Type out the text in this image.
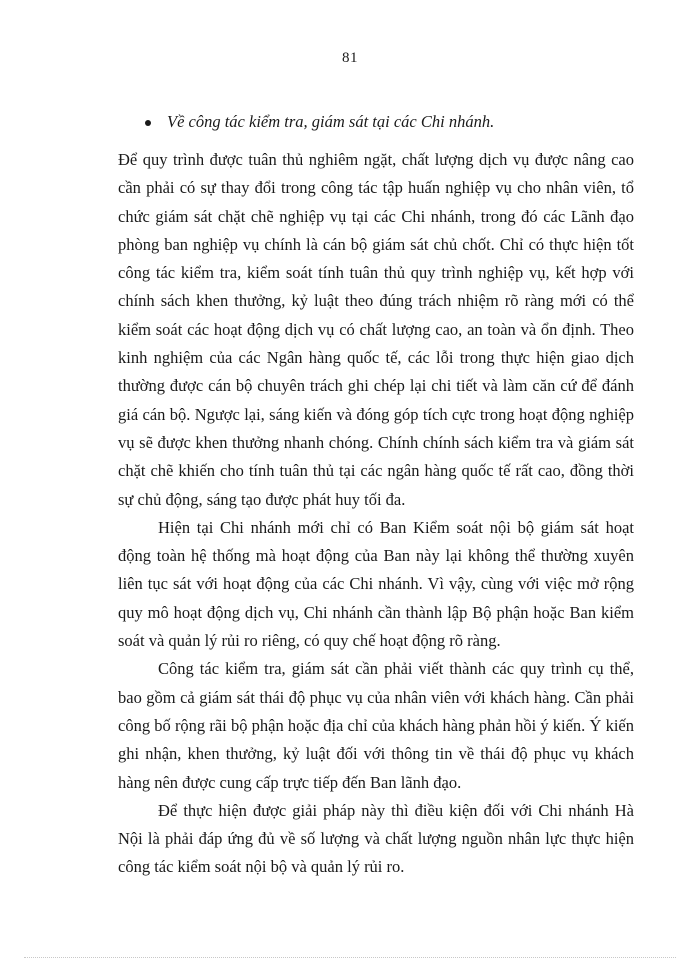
81
Về công tác kiểm tra, giám sát tại các Chi nhánh.

Để quy trình được tuân thủ nghiêm ngặt, chất lượng dịch vụ được nâng cao cần phải có sự thay đổi trong công tác tập huấn nghiệp vụ cho nhân viên, tổ chức giám sát chặt chẽ nghiệp vụ tại các Chi nhánh, trong đó các Lãnh đạo phòng ban nghiệp vụ chính là cán bộ giám sát chủ chốt. Chỉ có thực hiện tốt công tác kiểm tra, kiểm soát tính tuân thủ quy trình nghiệp vụ, kết hợp với chính sách khen thưởng, kỷ luật theo đúng trách nhiệm rõ ràng mới có thể kiểm soát các hoạt động dịch vụ có chất lượng cao, an toàn và ổn định. Theo kinh nghiệm của các Ngân hàng quốc tế, các lỗi trong thực hiện giao dịch thường được cán bộ chuyên trách ghi chép lại chi tiết và làm căn cứ để đánh giá cán bộ. Ngược lại, sáng kiến và đóng góp tích cực trong hoạt động nghiệp vụ sẽ được khen thưởng nhanh chóng. Chính chính sách kiểm tra và giám sát chặt chẽ khiến cho tính tuân thủ tại các ngân hàng quốc tế rất cao, đồng thời sự chủ động, sáng tạo được phát huy tối đa.

Hiện tại Chi nhánh mới chỉ có Ban Kiểm soát nội bộ giám sát hoạt động toàn hệ thống mà hoạt động của Ban này lại không thể thường xuyên liên tục sát với hoạt động của các Chi nhánh. Vì vậy, cùng với việc mở rộng quy mô hoạt động dịch vụ, Chi nhánh cần thành lập Bộ phận hoặc Ban kiểm soát và quản lý rủi ro riêng, có quy chế hoạt động rõ ràng.

Công tác kiểm tra, giám sát cần phải viết thành các quy trình cụ thể, bao gồm cả giám sát thái độ phục vụ của nhân viên với khách hàng. Cần phải công bố rộng rãi bộ phận hoặc địa chỉ của khách hàng phản hồi ý kiến. Ý kiến ghi nhận, khen thưởng, kỷ luật đối với thông tin về thái độ phục vụ khách hàng nên được cung cấp trực tiếp đến Ban lãnh đạo.

Để thực hiện được giải pháp này thì điều kiện đối với Chi nhánh Hà Nội là phải đáp ứng đủ về số lượng và chất lượng nguồn nhân lực thực hiện công tác kiểm soát nội bộ và quản lý rủi ro.
